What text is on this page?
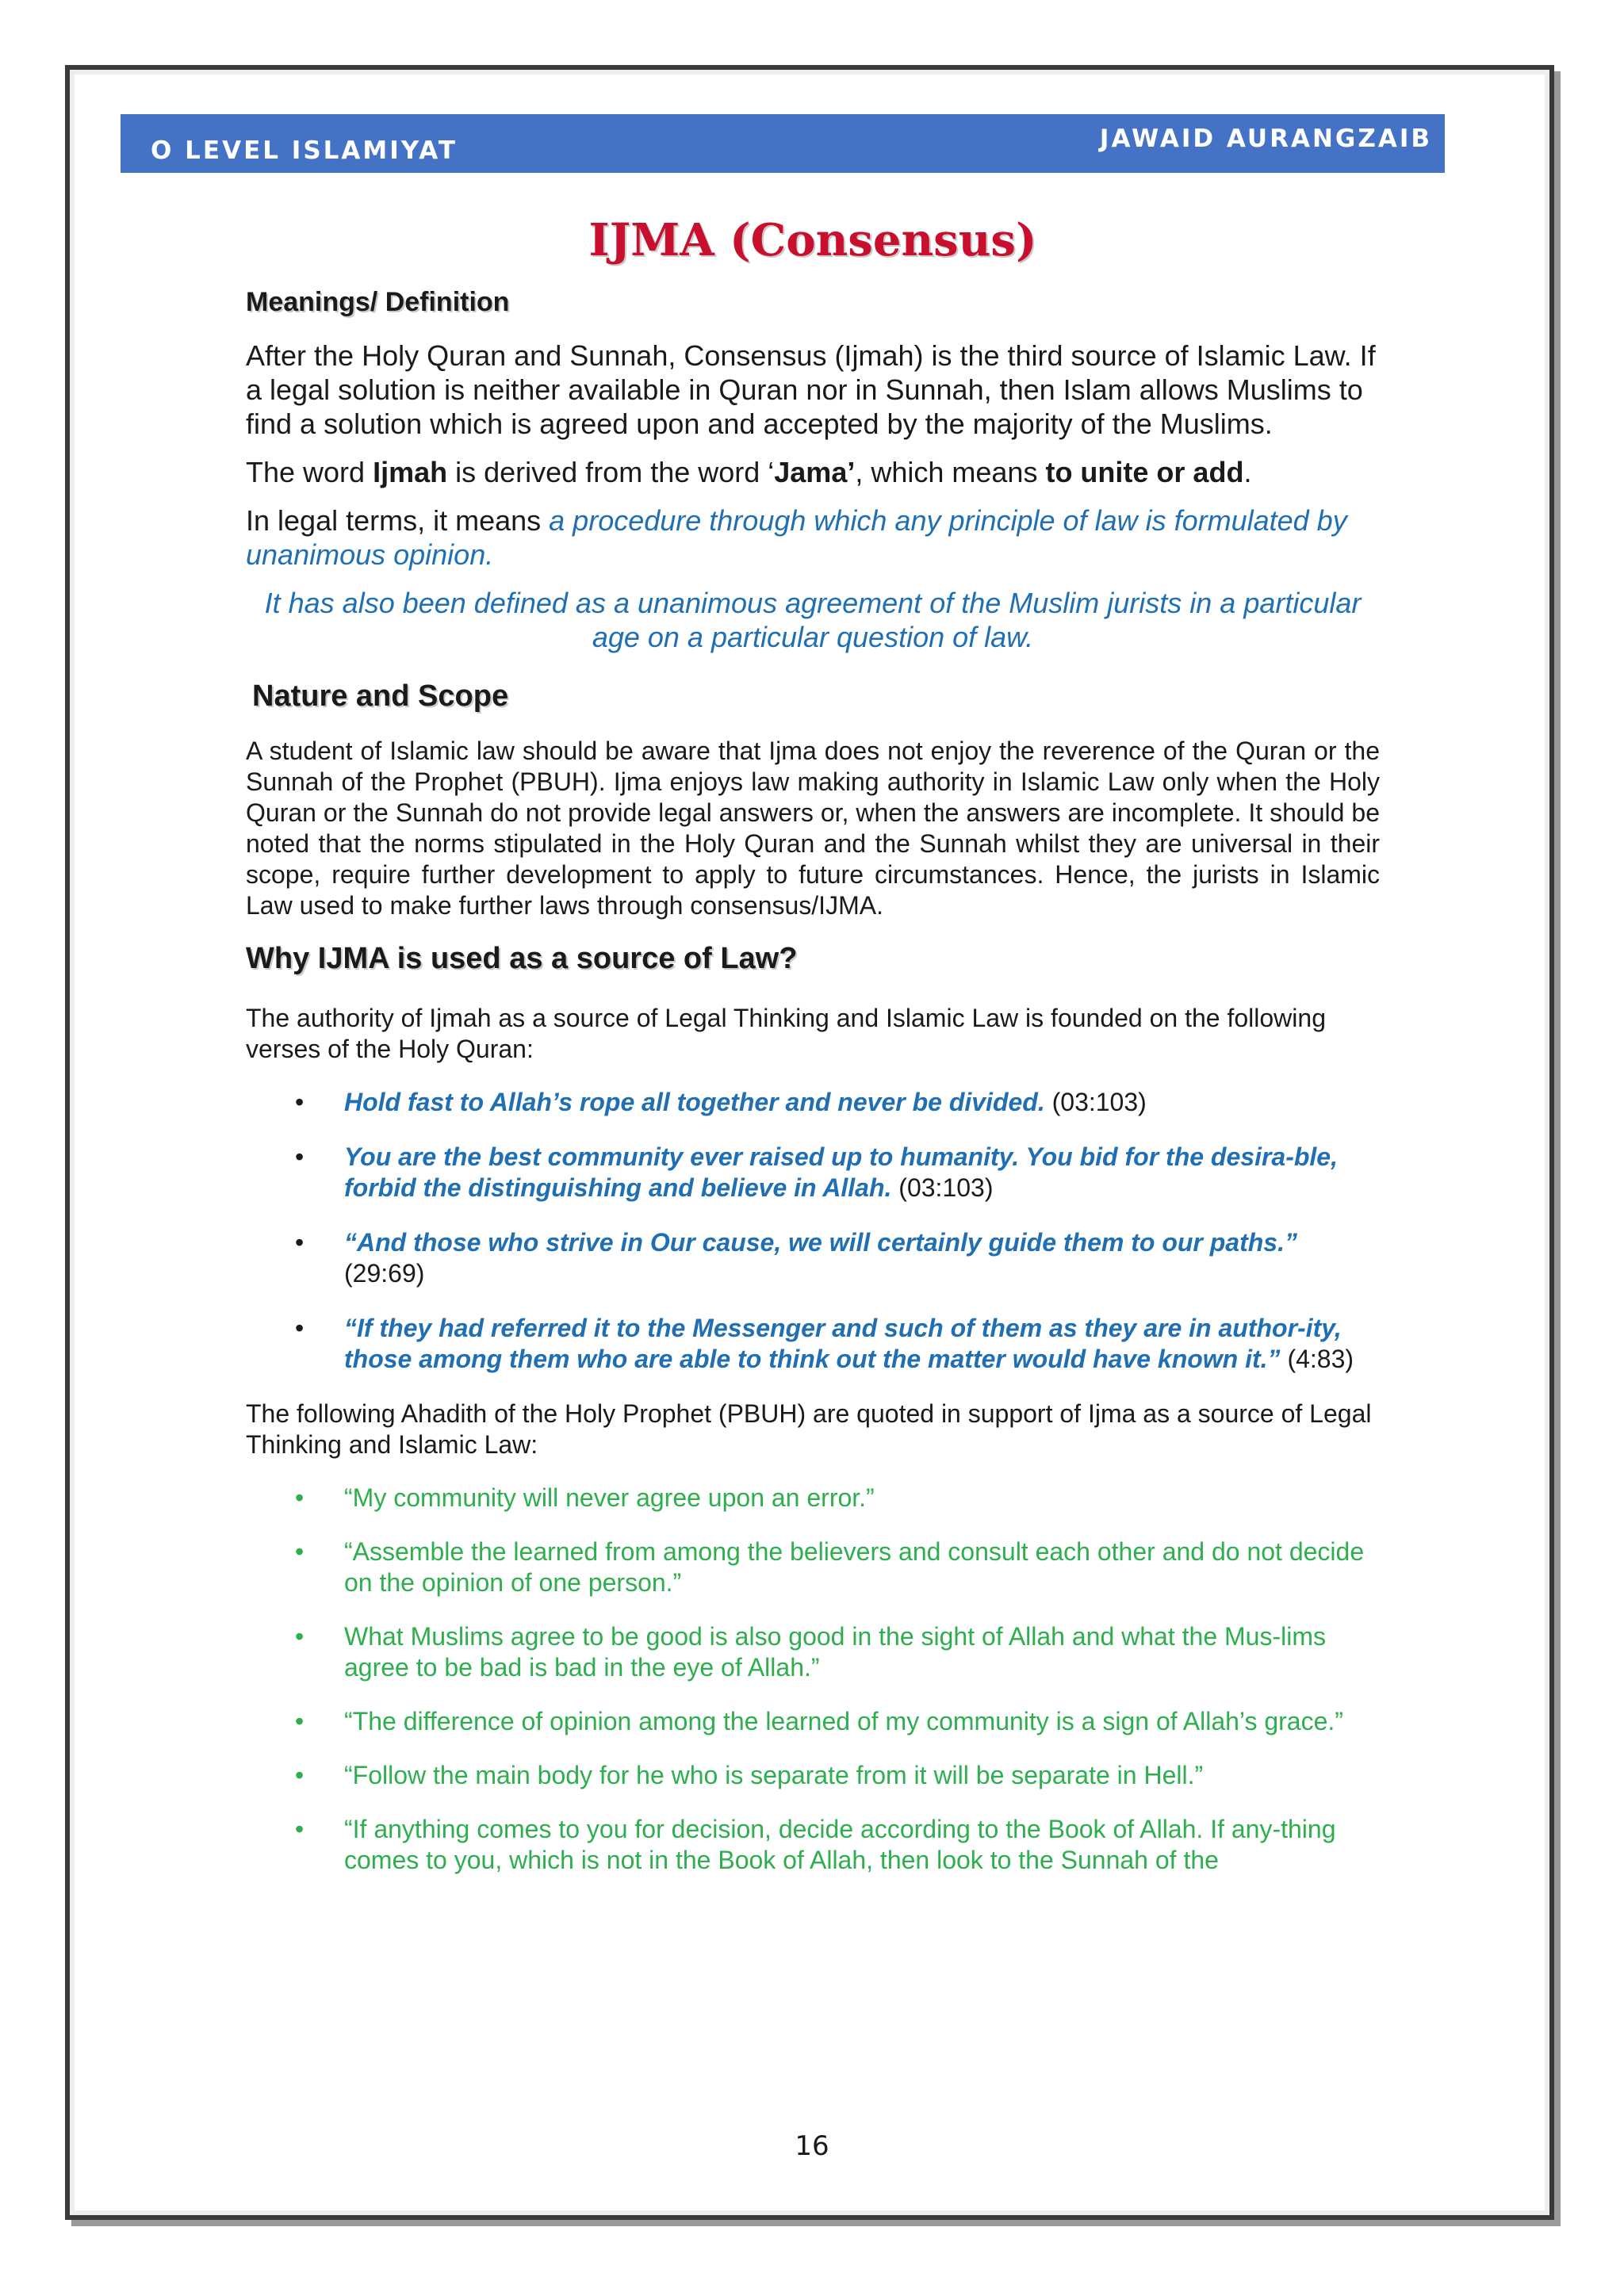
O LEVEL ISLAMIYAT	JAWAID AURANGZAIB
IJMA (Consensus)
Meanings/ Definition

After the Holy Quran and Sunnah, Consensus (Ijmah) is the third source of Islamic Law. If a legal solution is neither available in Quran nor in Sunnah, then Islam allows Muslims to find a solution which is agreed upon and accepted by the majority of the Muslims.

The word Ijmah is derived from the word ‘Jama’, which means to unite or add.

In legal terms, it means a procedure through which any principle of law is formulated by unanimous opinion.

It has also been defined as a unanimous agreement of the Muslim jurists in a particular age on a particular question of law.

Nature and Scope

A student of Islamic law should be aware that Ijma does not enjoy the reverence of the Quran or the Sunnah of the Prophet (PBUH). Ijma enjoys law making authority in Islamic Law only when the Holy Quran or the Sunnah do not provide legal answers or, when the answers are incomplete. It should be noted that the norms stipulated in the Holy Quran and the Sunnah whilst they are universal in their scope, require further development to apply to future circumstances. Hence, the jurists in Islamic Law used to make further laws through consensus/IJMA.

Why IJMA is used as a source of Law?

The authority of Ijmah as a source of Legal Thinking and Islamic Law is founded on the following verses of the Holy Quran:

• Hold fast to Allah’s rope all together and never be divided. (03:103)
• You are the best community ever raised up to humanity. You bid for the desira-ble, forbid the distinguishing and believe in Allah. (03:103)
• “And those who strive in Our cause, we will certainly guide them to our paths.” (29:69)
• “If they had referred it to the Messenger and such of them as they are in author-ity, those among them who are able to think out the matter would have known it.” (4:83)

The following Ahadith of the Holy Prophet (PBUH) are quoted in support of Ijma as a source of Legal Thinking and Islamic Law:

• “My community will never agree upon an error.”
• “Assemble the learned from among the believers and consult each other and do not decide on the opinion of one person.”
• What Muslims agree to be good is also good in the sight of Allah and what the Mus-lims agree to be bad is bad in the eye of Allah.”
• “The difference of opinion among the learned of my community is a sign of Allah’s grace.”
• “Follow the main body for he who is separate from it will be separate in Hell.”
• “If anything comes to you for decision, decide according to the Book of Allah. If any-thing comes to you, which is not in the Book of Allah, then look to the Sunnah of the
16
